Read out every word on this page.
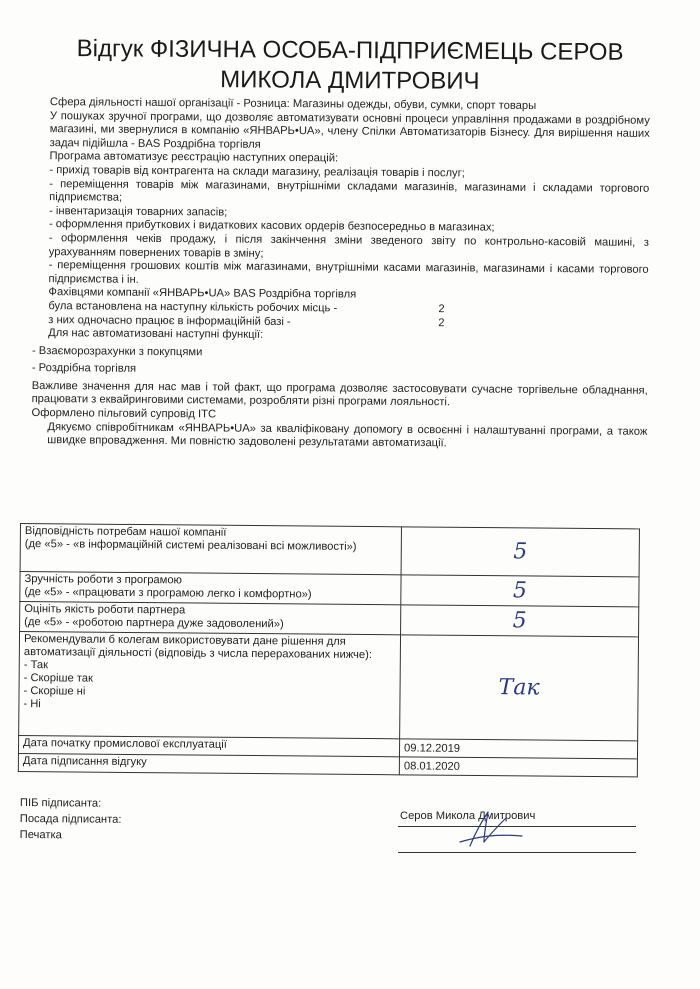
Відгук ФІЗИЧНА ОСОБА-ПІДПРИЄМЕЦЬ СЕРОВ
МИКОЛА ДМИТРОВИЧ

Сфера діяльності нашої організації - Розница: Магазины одежды, обуви, сумки, спорт товары

У пошуках зручної програми, що дозволяє автоматизувати основні процеси управління продажами в роздрібному магазині, ми звернулися в компанію «ЯНВАРЬ•UA», члену Спілки Автоматизаторів Бізнесу. Для вирішення наших задач підійшла - BAS Роздрібна торгівля

Програма автоматизує реєстрацію наступних операцій:

- прихід товарів від контрагента на склади магазину, реалізація товарів і послуг;

- переміщення товарів між магазинами, внутрішніми складами магазинів, магазинами і складами торгового підприємства;

- інвентаризація товарних запасів;

- оформлення прибуткових і видаткових касових ордерів безпосередньо в магазинах;

- оформлення чеків продажу, і після закінчення зміни зведеного звіту по контрольно-касовій машині, з урахуванням повернених товарів в зміну;

- переміщення грошових коштів між магазинами, внутрішніми касами магазинів, магазинами і касами торгового підприємства і ін.

Фахівцями компанії «ЯНВАРЬ•UA» BAS Роздрібна торгівля

була встановлена на наступну кількість робочих місць -	2

з них одночасно працює в інформаційній базі -	2

Для нас автоматизовані наступні функції:

- Взаєморозрахунки з покупцями

- Роздрібна торгівля

Важливе значення для нас мав і той факт, що програма дозволяє застосовувати сучасне торгівельне обладнання, працювати з еквайринговими системами, розробляти різні програми лояльності.

Оформлено пільговий супровід ІТС

Дякуємо співробітникам «ЯНВАРЬ•UA» за кваліфіковану допомогу в освоєнні і налаштуванні програми, а також швидке впровадження. Ми повністю задоволені результатами автоматизації.

Відповідність потребам нашої компанії
(де «5» - «в інформаційній системі реалізовані всі можливості»)	5

Зручність роботи з програмою
(де «5» - «працювати з програмою легко і комфортно»)	5

Оцініть якість роботи партнера
(де «5» - «роботою партнера дуже задоволений»)	5

Рекомендували б колегам використовувати дане рішення для автоматизації діяльності (відповідь з числа перерахованих нижче):
- Так
- Скоріше так
- Скоріше ні
- Ні	Так
Дата початку промислової експлуатації	09.12.2019
Дата підписання відгуку	08.01.2020
ПІБ підписанта:
Посада підписанта:
Печатка
Серов Микола Дмитрович
